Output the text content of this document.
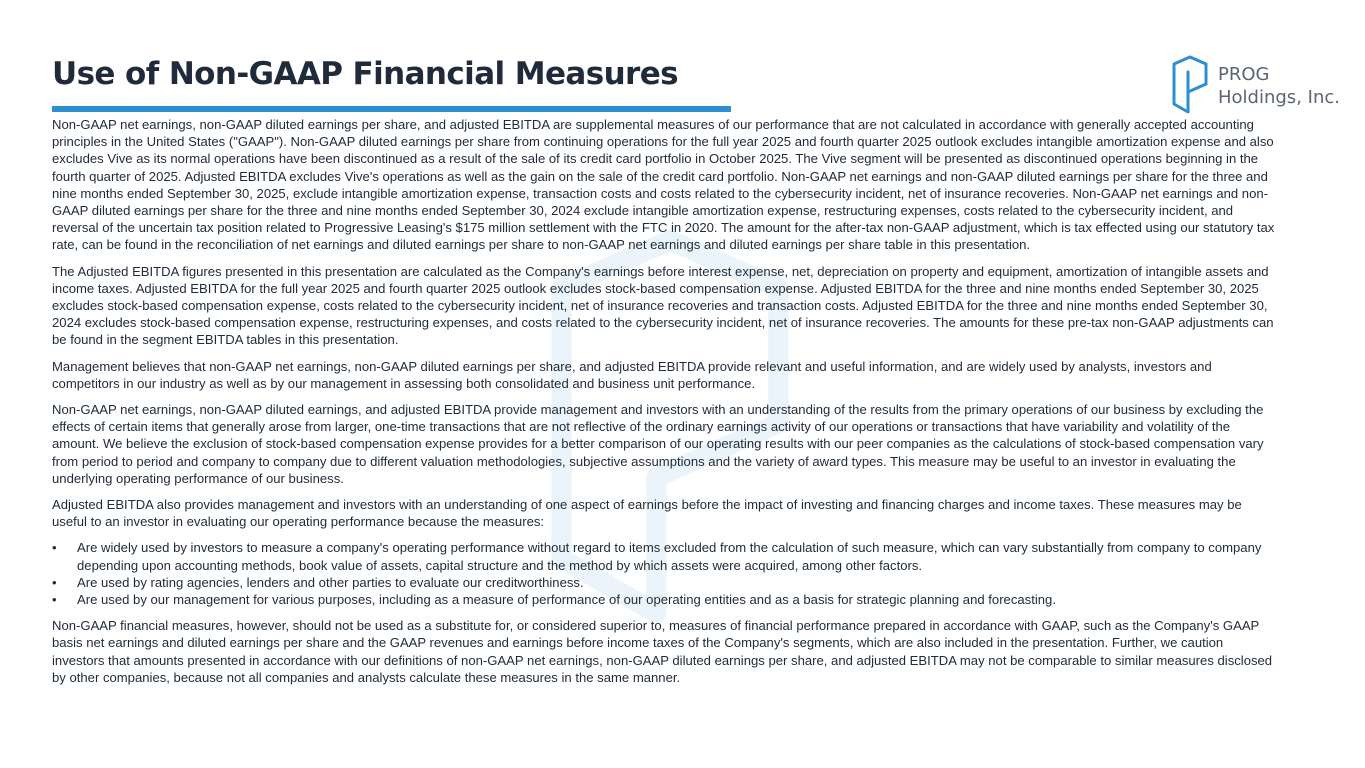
Use of Non-GAAP Financial Measures	PROG
Holdings, Inc.

Non-GAAP net earnings, non-GAAP diluted earnings per share, and adjusted EBITDA are supplemental measures of our performance that are not calculated in accordance with generally accepted accounting principles in the United States ("GAAP"). Non-GAAP diluted earnings per share from continuing operations for the full year 2025 and fourth quarter 2025 outlook excludes intangible amortization expense and also excludes Vive as its normal operations have been discontinued as a result of the sale of its credit card portfolio in October 2025. The Vive segment will be presented as discontinued operations beginning in the fourth quarter of 2025. Adjusted EBITDA excludes Vive's operations as well as the gain on the sale of the credit card portfolio. Non-GAAP net earnings and non-GAAP diluted earnings per share for the three and nine months ended September 30, 2025, exclude intangible amortization expense, transaction costs and costs related to the cybersecurity incident, net of insurance recoveries. Non-GAAP net earnings and non-GAAP diluted earnings per share for the three and nine months ended September 30, 2024 exclude intangible amortization expense, restructuring expenses, costs related to the cybersecurity incident, and reversal of the uncertain tax position related to Progressive Leasing's $175 million settlement with the FTC in 2020. The amount for the after-tax non-GAAP adjustment, which is tax effected using our statutory tax rate, can be found in the reconciliation of net earnings and diluted earnings per share to non-GAAP net earnings and diluted earnings per share table in this presentation.

The Adjusted EBITDA figures presented in this presentation are calculated as the Company's earnings before interest expense, net, depreciation on property and equipment, amortization of intangible assets and income taxes. Adjusted EBITDA for the full year 2025 and fourth quarter 2025 outlook excludes stock-based compensation expense. Adjusted EBITDA for the three and nine months ended September 30, 2025 excludes stock-based compensation expense, costs related to the cybersecurity incident, net of insurance recoveries and transaction costs. Adjusted EBITDA for the three and nine months ended September 30, 2024 excludes stock-based compensation expense, restructuring expenses, and costs related to the cybersecurity incident, net of insurance recoveries. The amounts for these pre-tax non-GAAP adjustments can be found in the segment EBITDA tables in this presentation.

Management believes that non-GAAP net earnings, non-GAAP diluted earnings per share, and adjusted EBITDA provide relevant and useful information, and are widely used by analysts, investors and competitors in our industry as well as by our management in assessing both consolidated and business unit performance.

Non-GAAP net earnings, non-GAAP diluted earnings, and adjusted EBITDA provide management and investors with an understanding of the results from the primary operations of our business by excluding the effects of certain items that generally arose from larger, one-time transactions that are not reflective of the ordinary earnings activity of our operations or transactions that have variability and volatility of the amount. We believe the exclusion of stock-based compensation expense provides for a better comparison of our operating results with our peer companies as the calculations of stock-based compensation vary from period to period and company to company due to different valuation methodologies, subjective assumptions and the variety of award types. This measure may be useful to an investor in evaluating the underlying operating performance of our business.

Adjusted EBITDA also provides management and investors with an understanding of one aspect of earnings before the impact of investing and financing charges and income taxes. These measures may be useful to an investor in evaluating our operating performance because the measures:

• Are widely used by investors to measure a company's operating performance without regard to items excluded from the calculation of such measure, which can vary substantially from company to company depending upon accounting methods, book value of assets, capital structure and the method by which assets were acquired, among other factors.
• Are used by rating agencies, lenders and other parties to evaluate our creditworthiness.
• Are used by our management for various purposes, including as a measure of performance of our operating entities and as a basis for strategic planning and forecasting.

Non-GAAP financial measures, however, should not be used as a substitute for, or considered superior to, measures of financial performance prepared in accordance with GAAP, such as the Company's GAAP basis net earnings and diluted earnings per share and the GAAP revenues and earnings before income taxes of the Company's segments, which are also included in the presentation. Further, we caution investors that amounts presented in accordance with our definitions of non-GAAP net earnings, non-GAAP diluted earnings per share, and adjusted EBITDA may not be comparable to similar measures disclosed by other companies, because not all companies and analysts calculate these measures in the same manner.
